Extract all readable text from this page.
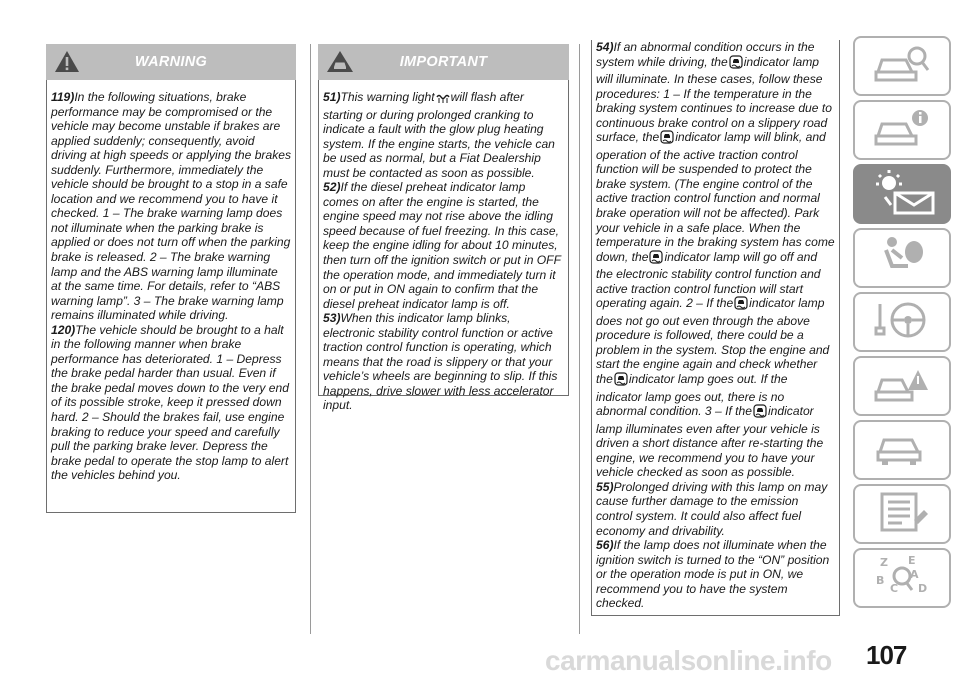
WARNING

119)In the following situations, brake performance may be compromised or the vehicle may become unstable if brakes are applied suddenly; consequently, avoid driving at high speeds or applying the brakes suddenly. Furthermore, immediately the vehicle should be brought to a stop in a safe location and we recommend you to have it checked. 1 – The brake warning lamp does not illuminate when the parking brake is applied or does not turn off when the parking brake is released. 2 – The brake warning lamp and the ABS warning lamp illuminate at the same time. For details, refer to “ABS warning lamp”. 3 – The brake warning lamp remains illuminated while driving.

120)The vehicle should be brought to a halt in the following manner when brake performance has deteriorated. 1 – Depress the brake pedal harder than usual. Even if the brake pedal moves down to the very end of its possible stroke, keep it pressed down hard. 2 – Should the brakes fail, use engine braking to reduce your speed and carefully pull the parking brake lever. Depress the brake pedal to operate the stop lamp to alert the vehicles behind you.

IMPORTANT

51)This warning light will flash after starting or during prolonged cranking to indicate a fault with the glow plug heating system. If the engine starts, the vehicle can be used as normal, but a Fiat Dealership must be contacted as soon as possible.

52)If the diesel preheat indicator lamp comes on after the engine is started, the engine speed may not rise above the idling speed because of fuel freezing. In this case, keep the engine idling for about 10 minutes, then turn off the ignition switch or put in OFF the operation mode, and immediately turn it on or put in ON again to confirm that the diesel preheat indicator lamp is off.

53)When this indicator lamp blinks, electronic stability control function or active traction control function is operating, which means that the road is slippery or that your vehicle’s wheels are beginning to slip. If this happens, drive slower with less accelerator input.

54)If an abnormal condition occurs in the system while driving, the indicator lamp will illuminate. In these cases, follow these procedures: 1 – If the temperature in the braking system continues to increase due to continuous brake control on a slippery road surface, the indicator lamp will blink, and operation of the active traction control function will be suspended to protect the brake system. (The engine control of the active traction control function and normal brake operation will not be affected). Park your vehicle in a safe place. When the temperature in the braking system has come down, the indicator lamp will go off and the electronic stability control function and active traction control function will start operating again. 2 – If the indicator lamp does not go out even through the above procedure is followed, there could be a problem in the system. Stop the engine and start the engine again and check whether the indicator lamp goes out. If the indicator lamp goes out, there is no abnormal condition. 3 – If the indicator lamp illuminates even after your vehicle is driven a short distance after re-starting the engine, we recommend you to have your vehicle checked as soon as possible.

55)Prolonged driving with this lamp on may cause further damage to the emission control system. It could also affect fuel economy and drivability.

56)If the lamp does not illuminate when the ignition switch is turned to the “ON” position or the operation mode is put in ON, we recommend you to have the system checked.

Z E
B A
C D
107
carmanualsonline.info
